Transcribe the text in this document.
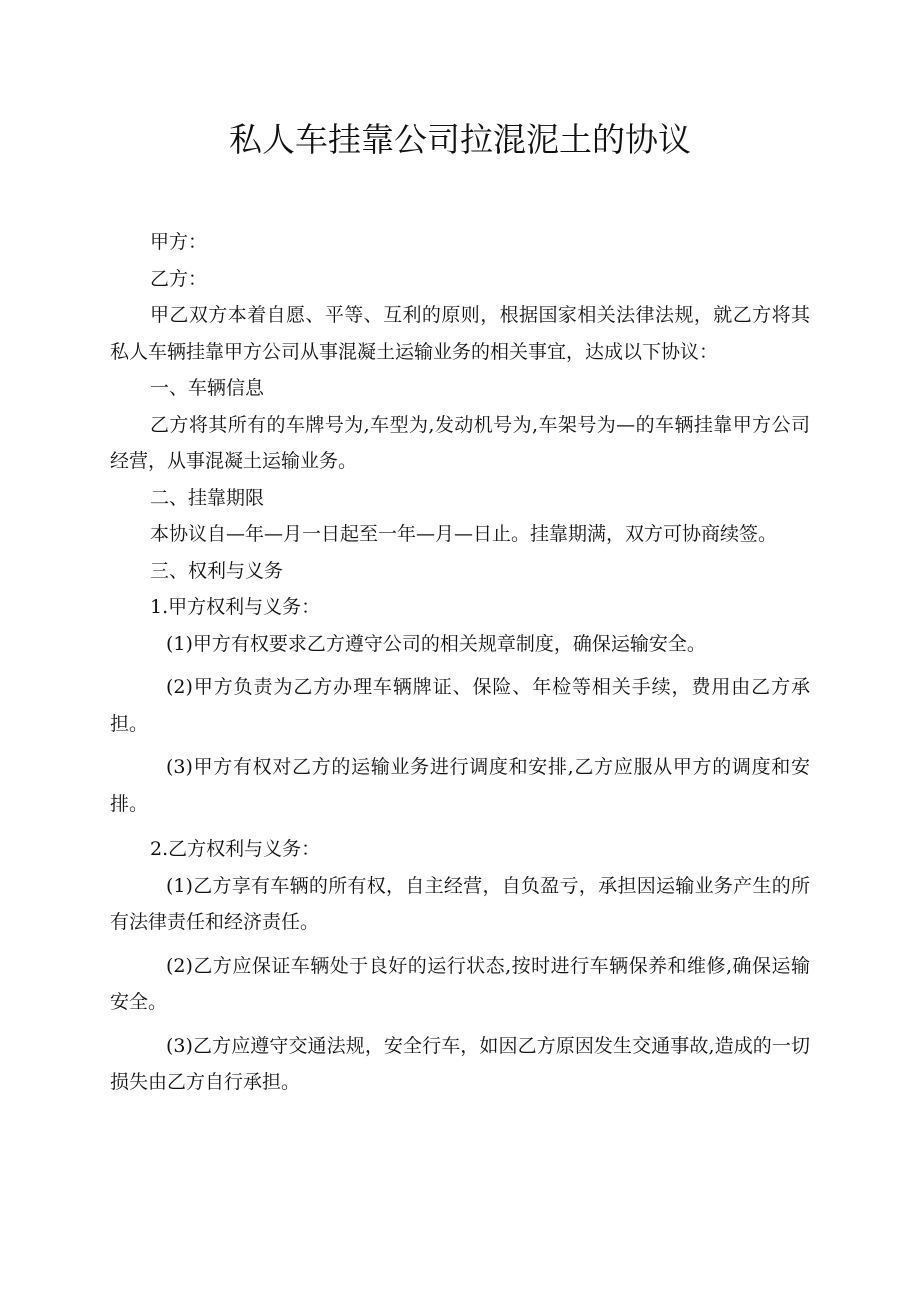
私人车挂靠公司拉混泥土的协议

甲方：

乙方：

甲乙双方本着自愿、平等、互利的原则，根据国家相关法律法规，就乙方将其私人车辆挂靠甲方公司从事混凝土运输业务的相关事宜，达成以下协议：

一、车辆信息

乙方将其所有的车牌号为,车型为,发动机号为,车架号为—的车辆挂靠甲方公司经营，从事混凝土运输业务。

二、挂靠期限

本协议自—年—月一日起至一年—月—日止。挂靠期满，双方可协商续签。

三、权利与义务

1.甲方权利与义务：

(1)甲方有权要求乙方遵守公司的相关规章制度，确保运输安全。

(2)甲方负责为乙方办理车辆牌证、保险、年检等相关手续，费用由乙方承担。

(3)甲方有权对乙方的运输业务进行调度和安排,乙方应服从甲方的调度和安排。

2.乙方权利与义务：

(1)乙方享有车辆的所有权，自主经营，自负盈亏，承担因运输业务产生的所有法律责任和经济责任。

(2)乙方应保证车辆处于良好的运行状态,按时进行车辆保养和维修,确保运输安全。

(3)乙方应遵守交通法规，安全行车，如因乙方原因发生交通事故,造成的一切损失由乙方自行承担。
